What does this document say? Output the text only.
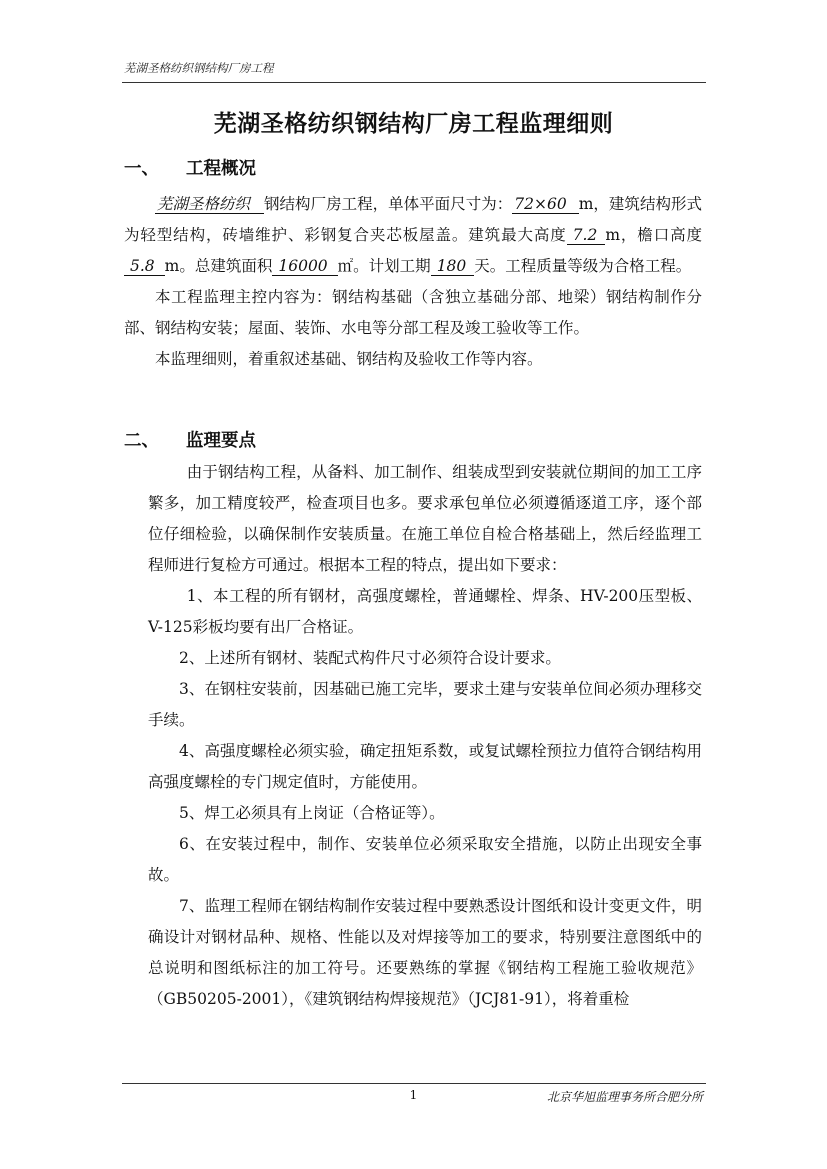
芜湖圣格纺织钢结构厂房工程
芜湖圣格纺织钢结构厂房工程监理细则
一、 工程概况

芜湖圣格纺织 钢结构厂房工程，单体平面尺寸为： 72×60 m，建筑结构形式为轻型结构，砖墙维护、彩钢复合夹芯板屋盖。建筑最大高度 7.2 m，檐口高度5.8 m。总建筑面积 16000 ㎡。计划工期 180 天。工程质量等级为合格工程。

本工程监理主控内容为：钢结构基础（含独立基础分部、地梁）钢结构制作分部、钢结构安装；屋面、装饰、水电等分部工程及竣工验收等工作。

本监理细则，着重叙述基础、钢结构及验收工作等内容。

二、 监理要点

由于钢结构工程，从备料、加工制作、组装成型到安装就位期间的加工工序繁多，加工精度较严，检查项目也多。要求承包单位必须遵循逐道工序，逐个部位仔细检验，以确保制作安装质量。在施工单位自检合格基础上，然后经监理工程师进行复检方可通过。根据本工程的特点，提出如下要求：

1、本工程的所有钢材，高强度螺栓，普通螺栓、焊条、HV-200压型板、V-125彩板均要有出厂合格证。

2、上述所有钢材、装配式构件尺寸必须符合设计要求。

3、在钢柱安装前，因基础已施工完毕，要求土建与安装单位间必须办理移交手续。

4、高强度螺栓必须实验，确定扭矩系数，或复试螺栓预拉力值符合钢结构用高强度螺栓的专门规定值时，方能使用。

5、焊工必须具有上岗证（合格证等）。

6、在安装过程中，制作、安装单位必须采取安全措施，以防止出现安全事故。

7、监理工程师在钢结构制作安装过程中要熟悉设计图纸和设计变更文件，明确设计对钢材品种、规格、性能以及对焊接等加工的要求，特别要注意图纸中的总说明和图纸标注的加工符号。还要熟练的掌握《钢结构工程施工验收规范》（GB50205-2001），《建筑钢结构焊接规范》（JCJ81-91），将着重检

1	北京华旭监理事务所合肥分所
